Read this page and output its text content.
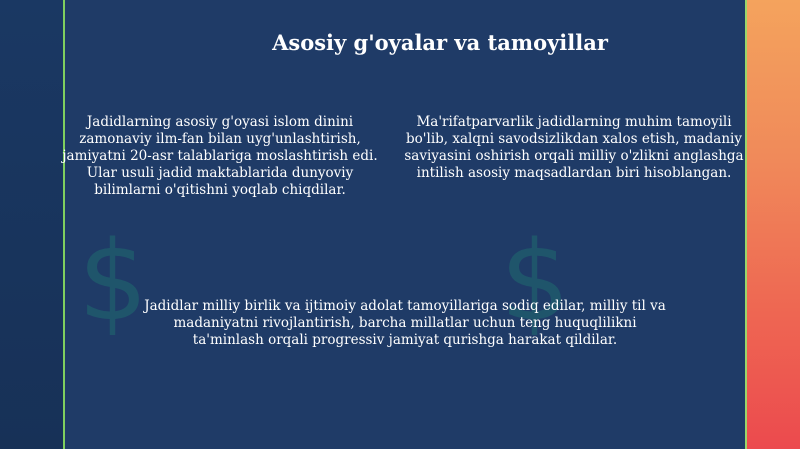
$	$
Asosiy g'oyalar va tamoyillar
Jadidlarning asosiy g'oyasi islom dinini zamonaviy ilm-fan bilan uyg'unlashtirish, jamiyatni 20-asr talablariga moslashtirish edi. Ular usuli jadid maktablarida dunyoviy bilimlarni o'qitishni yoqlab chiqdilar.
Ma'rifatparvarlik jadidlarning muhim tamoyili bo'lib, xalqni savodsizlikdan xalos etish, madaniy saviyasini oshirish orqali milliy o'zlikni anglashga intilish asosiy maqsadlardan biri hisoblangan.
Jadidlar milliy birlik va ijtimoiy adolat tamoyillariga sodiq edilar, milliy til va madaniyatni rivojlantirish, barcha millatlar uchun teng huquqlilikni ta'minlash orqali progressiv jamiyat qurishga harakat qildilar.
